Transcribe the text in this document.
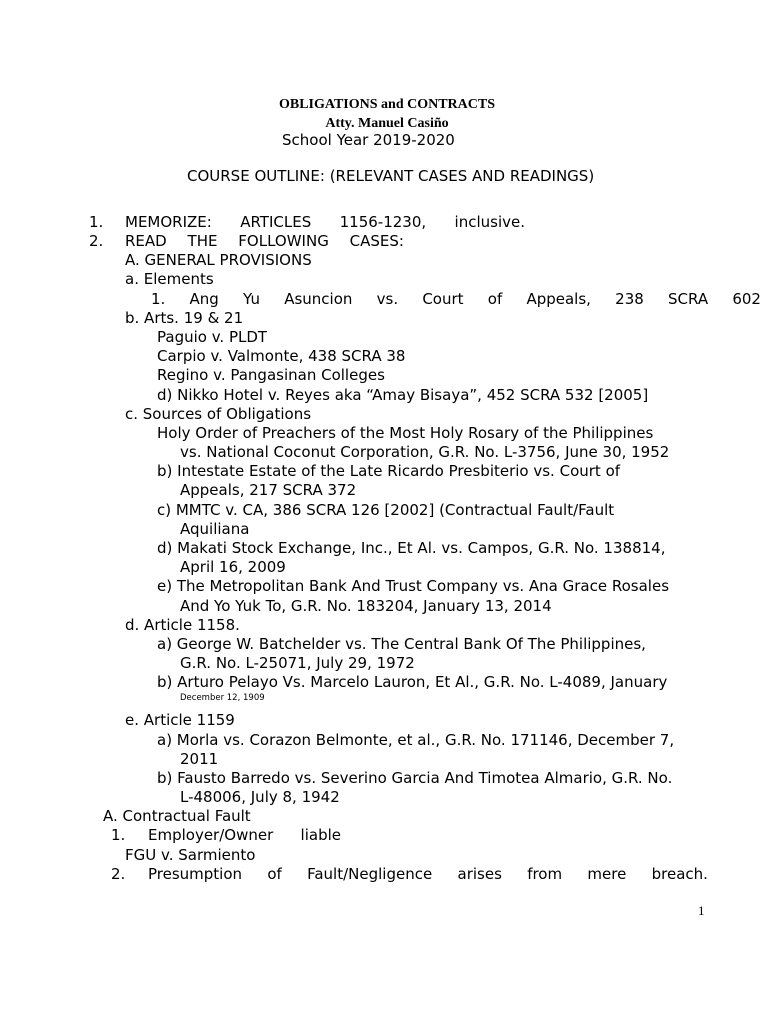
OBLIGATIONS and CONTRACTS
Atty. Manuel Casiño
School Year 2019-2020
COURSE OUTLINE: (RELEVANT CASES AND READINGS)
1. MEMORIZE: ARTICLES 1156-1230, inclusive.
2. READ THE FOLLOWING CASES:
A. GENERAL PROVISIONS
a. Elements
1. Ang Yu Asuncion vs. Court of Appeals, 238 SCRA 602
b. Arts. 19 & 21
Paguio v. PLDT
Carpio v. Valmonte, 438 SCRA 38
Regino v. Pangasinan Colleges
d) Nikko Hotel v. Reyes aka “Amay Bisaya”, 452 SCRA 532 [2005]
c. Sources of Obligations
Holy Order of Preachers of the Most Holy Rosary of the Philippines
vs. National Coconut Corporation, G.R. No. L-3756, June 30, 1952
b) Intestate Estate of the Late Ricardo Presbiterio vs. Court of
Appeals, 217 SCRA 372
c) MMTC v. CA, 386 SCRA 126 [2002] (Contractual Fault/Fault
Aquiliana
d) Makati Stock Exchange, Inc., Et Al. vs. Campos, G.R. No. 138814,
April 16, 2009
e) The Metropolitan Bank And Trust Company vs. Ana Grace Rosales
And Yo Yuk To, G.R. No. 183204, January 13, 2014
d. Article 1158.
a) George W. Batchelder vs. The Central Bank Of The Philippines,
G.R. No. L-25071, July 29, 1972
b) Arturo Pelayo Vs. Marcelo Lauron, Et Al., G.R. No. L-4089, January
December 12, 1909
e. Article 1159
a) Morla vs. Corazon Belmonte, et al., G.R. No. 171146, December 7,
2011
b) Fausto Barredo vs. Severino Garcia And Timotea Almario, G.R. No.
L-48006, July 8, 1942
A. Contractual Fault
1. Employer/Owner liable
FGU v. Sarmiento
2. Presumption of Fault/Negligence arises from mere breach.
1
